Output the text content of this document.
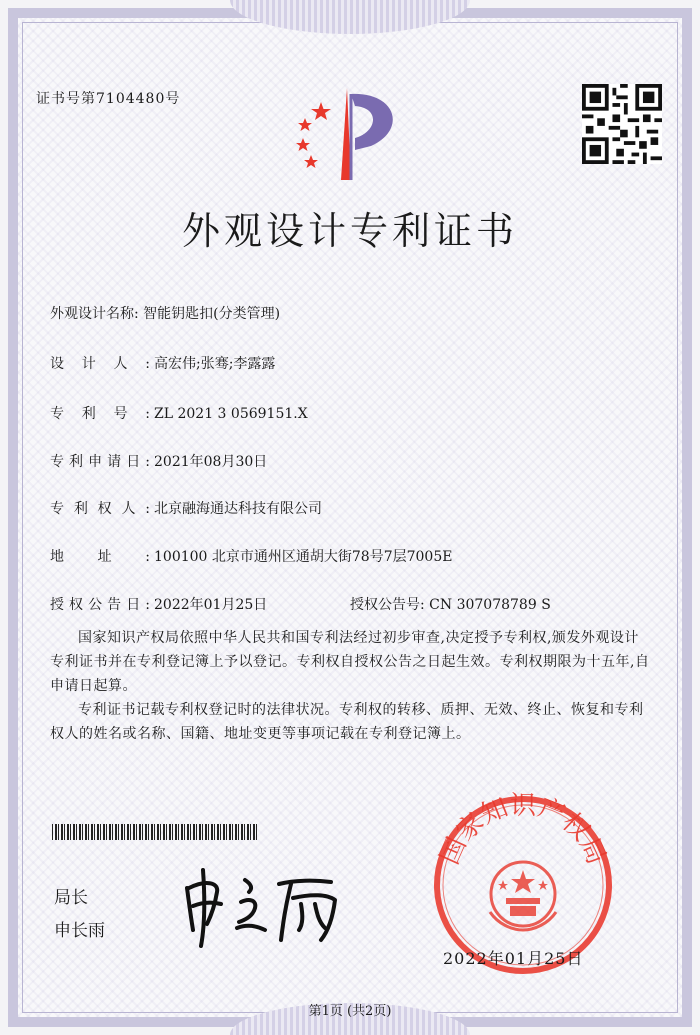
证书号第7104480号
外观设计专利证书
外观设计名称: 智能钥匙扣(分类管理)
设计人: 高宏伟;张骞;李露露
专利号: ZL 2021 3 0569151.X
专利申请日: 2021年08月30日
专利权人: 北京融海通达科技有限公司
地址: 100100 北京市通州区通胡大街78号7层7005E
授权公告日: 2022年01月25日	授权公告号: CN 307078789 S
国家知识产权局依照中华人民共和国专利法经过初步审查,决定授予专利权,颁发外观设计专利证书并在专利登记簿上予以登记。专利权自授权公告之日起生效。专利权期限为十五年,自申请日起算。
专利证书记载专利权登记时的法律状况。专利权的转移、质押、无效、终止、恢复和专利权人的姓名或名称、国籍、地址变更等事项记载在专利登记簿上。
局长
申长雨
国家知识产权局
2022年01月25日
第1页 (共2页)
